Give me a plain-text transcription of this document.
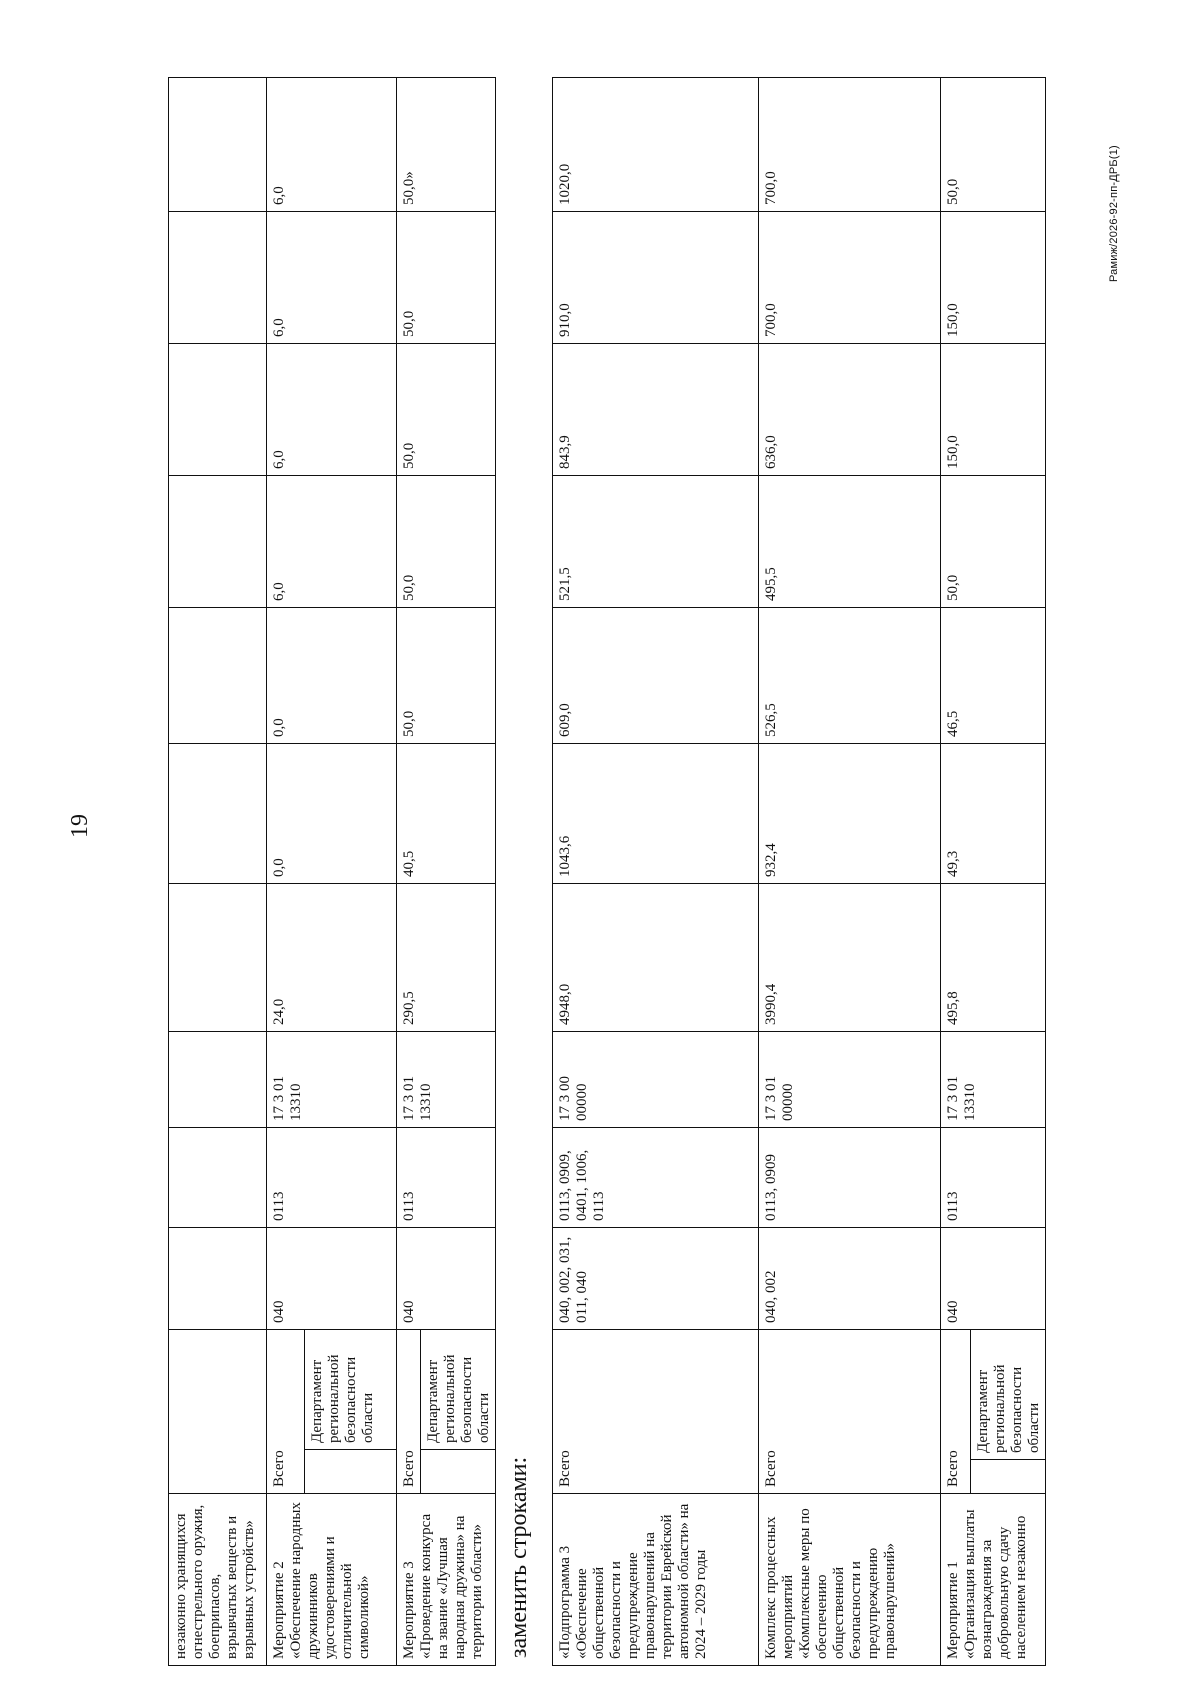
19
Рамиж/2026-92-пп-ДРБ(1)
незаконно хранящихся огнестрельного оружия, боеприпасов, взрывчатых веществ и взрывных устройств»												
Мероприятие 2 «Обеспечение народных дружинников удостоверениями и отличительной символикой»	Всего		040	0113	17 3 01 13310	24,0	0,0	0,0	6,0	6,0	6,0	6,0
		Департамент региональной безопасности области										
Мероприятие 3 «Проведение конкурса на звание «Лучшая народная дружина» на территории области»	Всего		040	0113	17 3 01 13310	290,5	40,5	50,0	50,0	50,0	50,0	50,0»
		Департамент региональной безопасности области										
заменить строками: «Подпрограмма 3 «Обеспечение общественной безопасности и предупреждение правонарушений на территории Еврейской автономной области» на 2024 – 2029 годы	Всего		040, 002, 031, 011, 040	0113, 0909, 0401, 1006, 0113	17 3 00 00000	4948,0	1043,6	609,0	521,5	843,9	910,0	1020,0
Комплекс процессных мероприятий «Комплексные меры по обеспечению общественной безопасности и предупреждению правонарушений»	Всего		040, 002	0113, 0909	17 3 01 00000	3990,4	932,4	526,5	495,5	636,0	700,0	700,0
Мероприятие 1 «Организация выплаты вознаграждения за добровольную сдачу населением незаконно	Всего		040	0113	17 3 01 13310	495,8	49,3	46,5	50,0	150,0	150,0	50,0
		Департамент региональной безопасности области										
